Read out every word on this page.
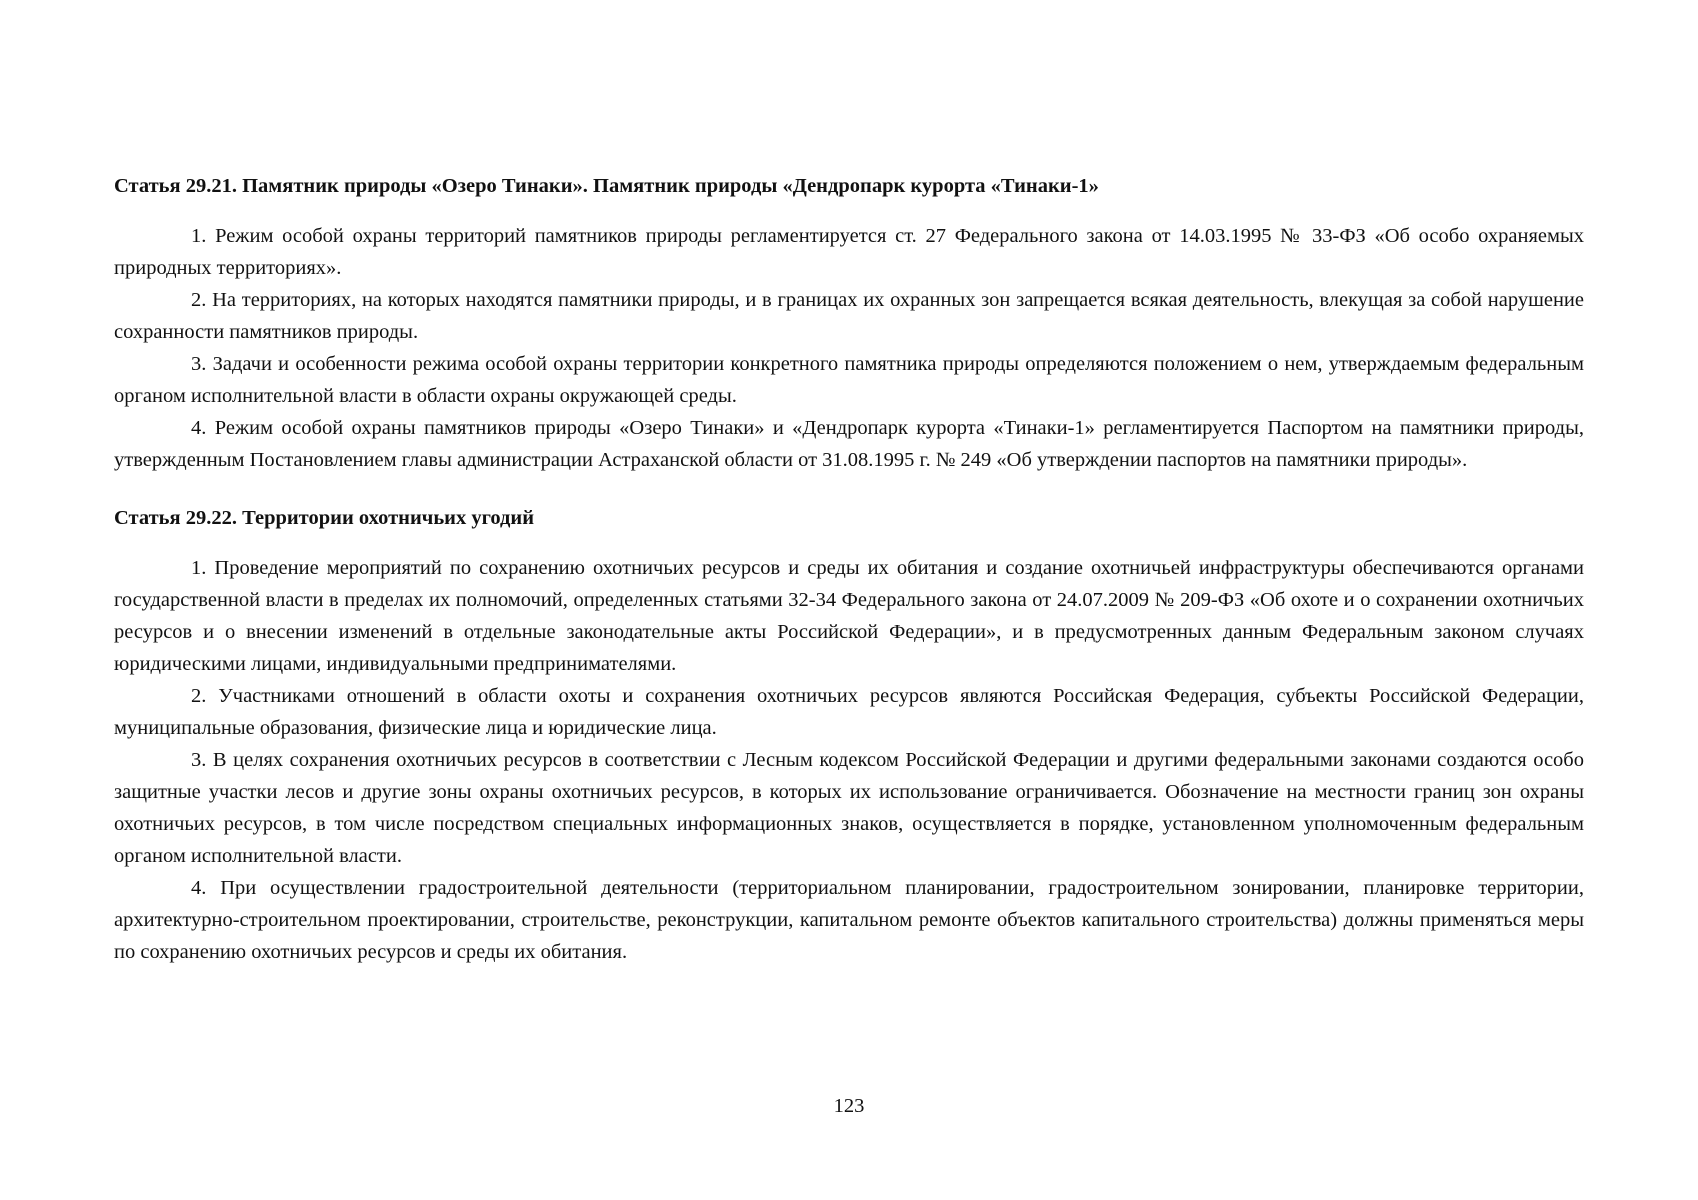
Статья 29.21. Памятник природы «Озеро Тинаки». Памятник природы «Дендропарк курорта «Тинаки-1»

1. Режим особой охраны территорий памятников природы регламентируется ст. 27 Федерального закона от 14.03.1995 № 33-ФЗ «Об особо охраняемых природных территориях».

2. На территориях, на которых находятся памятники природы, и в границах их охранных зон запрещается всякая деятельность, влекущая за собой нарушение сохранности памятников природы.

3. Задачи и особенности режима особой охраны территории конкретного памятника природы определяются положением о нем, утверждаемым федеральным органом исполнительной власти в области охраны окружающей среды.

4. Режим особой охраны памятников природы «Озеро Тинаки» и «Дендропарк курорта «Тинаки-1» регламентируется Паспортом на памятники природы, утвержденным Постановлением главы администрации Астраханской области от 31.08.1995 г. № 249 «Об утверждении паспортов на памятники природы».

Статья 29.22. Территории охотничьих угодий

1. Проведение мероприятий по сохранению охотничьих ресурсов и среды их обитания и создание охотничьей инфраструктуры обеспечиваются органами государственной власти в пределах их полномочий, определенных статьями 32-34 Федерального закона от 24.07.2009 № 209-ФЗ «Об охоте и о сохранении охотничьих ресурсов и о внесении изменений в отдельные законодательные акты Российской Федерации», и в предусмотренных данным Федеральным законом случаях юридическими лицами, индивидуальными предпринимателями.

2. Участниками отношений в области охоты и сохранения охотничьих ресурсов являются Российская Федерация, субъекты Российской Федерации, муниципальные образования, физические лица и юридические лица.

3. В целях сохранения охотничьих ресурсов в соответствии с Лесным кодексом Российской Федерации и другими федеральными законами создаются особо защитные участки лесов и другие зоны охраны охотничьих ресурсов, в которых их использование ограничивается. Обозначение на местности границ зон охраны охотничьих ресурсов, в том числе посредством специальных информационных знаков, осуществляется в порядке, установленном уполномоченным федеральным органом исполнительной власти.

4. При осуществлении градостроительной деятельности (территориальном планировании, градостроительном зонировании, планировке территории, архитектурно-строительном проектировании, строительстве, реконструкции, капитальном ремонте объектов капитального строительства) должны применяться меры по сохранению охотничьих ресурсов и среды их обитания.

123
